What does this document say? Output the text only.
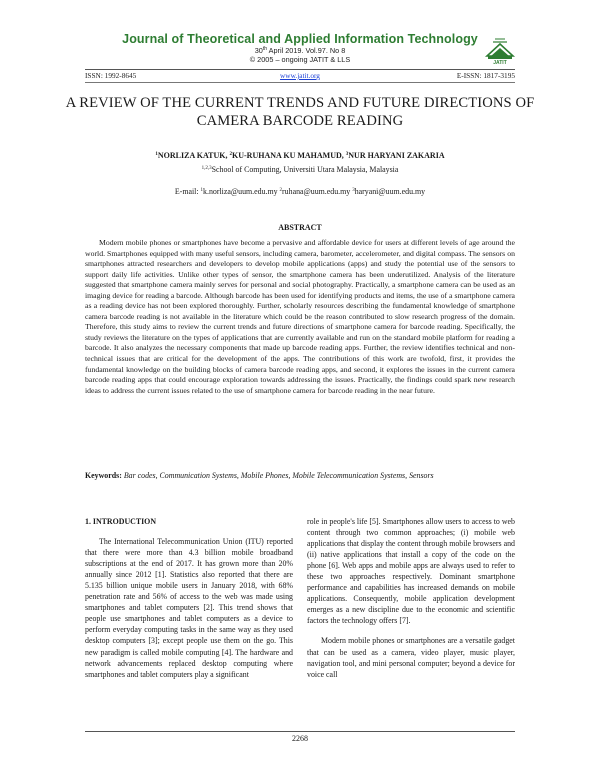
Journal of Theoretical and Applied Information Technology
30th April 2019. Vol.97. No 8
© 2005 – ongoing JATIT & LLS	JATIT
ISSN: 1992-8645	www.jatit.org	E-ISSN: 1817-3195
A REVIEW OF THE CURRENT TRENDS AND FUTURE DIRECTIONS OF CAMERA BARCODE READING
$^1$NORLIZA KATUK, $^2$KU-RUHANA KU MAHAMUD, $^3$NUR HARYANI ZAKARIA
$^{1,2,3}$School of Computing, Universiti Utara Malaysia, Malaysia
E-mail: $^1$k.norliza@uum.edu.my $^2$ruhana@uum.edu.my $^3$haryani@uum.edu.my
ABSTRACT
Modern mobile phones or smartphones have become a pervasive and affordable device for users at different levels of age around the world. Smartphones equipped with many useful sensors, including camera, barometer, accelerometer, and digital compass. The sensors on smartphones attracted researchers and developers to develop mobile applications (apps) and study the potential use of the sensors to support daily life activities. Unlike other types of sensor, the smartphone camera has been underutilized. Analysis of the literature suggested that smartphone camera mainly serves for personal and social photography. Practically, a smartphone camera can be used as an imaging device for reading a barcode. Although barcode has been used for identifying products and items, the use of a smartphone camera as a reading device has not been explored thoroughly. Further, scholarly resources describing the fundamental knowledge of smartphone camera barcode reading is not available in the literature which could be the reason contributed to slow research progress of the domain. Therefore, this study aims to review the current trends and future directions of smartphone camera for barcode reading. Specifically, the study reviews the literature on the types of applications that are currently available and run on the standard mobile platform for reading a barcode. It also analyzes the necessary components that made up barcode reading apps. Further, the review identifies technical and non-technical issues that are critical for the development of the apps. The contributions of this work are twofold, first, it provides the fundamental knowledge on the building blocks of camera barcode reading apps, and second, it explores the issues in the current camera barcode reading apps that could encourage exploration towards addressing the issues. Practically, the findings could spark new research ideas to address the current issues related to the use of smartphone camera for barcode reading in the near future.
Keywords: Bar codes, Communication Systems, Mobile Phones, Mobile Telecommunication Systems, Sensors
1. INTRODUCTION

The International Telecommunication Union (ITU) reported that there were more than 4.3 billion mobile broadband subscriptions at the end of 2017. It has grown more than 20% annually since 2012 [1]. Statistics also reported that there are 5.135 billion unique mobile users in January 2018, with 68% penetration rate and 56% of access to the web was made using smartphones and tablet computers [2]. This trend shows that people use smartphones and tablet computers as a device to perform everyday computing tasks in the same way as they used desktop computers [3]; except people use them on the go. This new paradigm is called mobile computing [4]. The hardware and network advancements replaced desktop computing where smartphones and tablet computers play a significant

role in people's life [5]. Smartphones allow users to access to web content through two common approaches; (i) mobile web applications that display the content through mobile browsers and (ii) native applications that install a copy of the code on the phone [6]. Web apps and mobile apps are always used to refer to these two approaches respectively. Dominant smartphone performance and capabilities has increased demands on mobile applications. Consequently, mobile application development emerges as a new discipline due to the economic and scientific factors the technology offers [7].

Modern mobile phones or smartphones are a versatile gadget that can be used as a camera, video player, music player, navigation tool, and mini personal computer; beyond a device for voice call

2268
